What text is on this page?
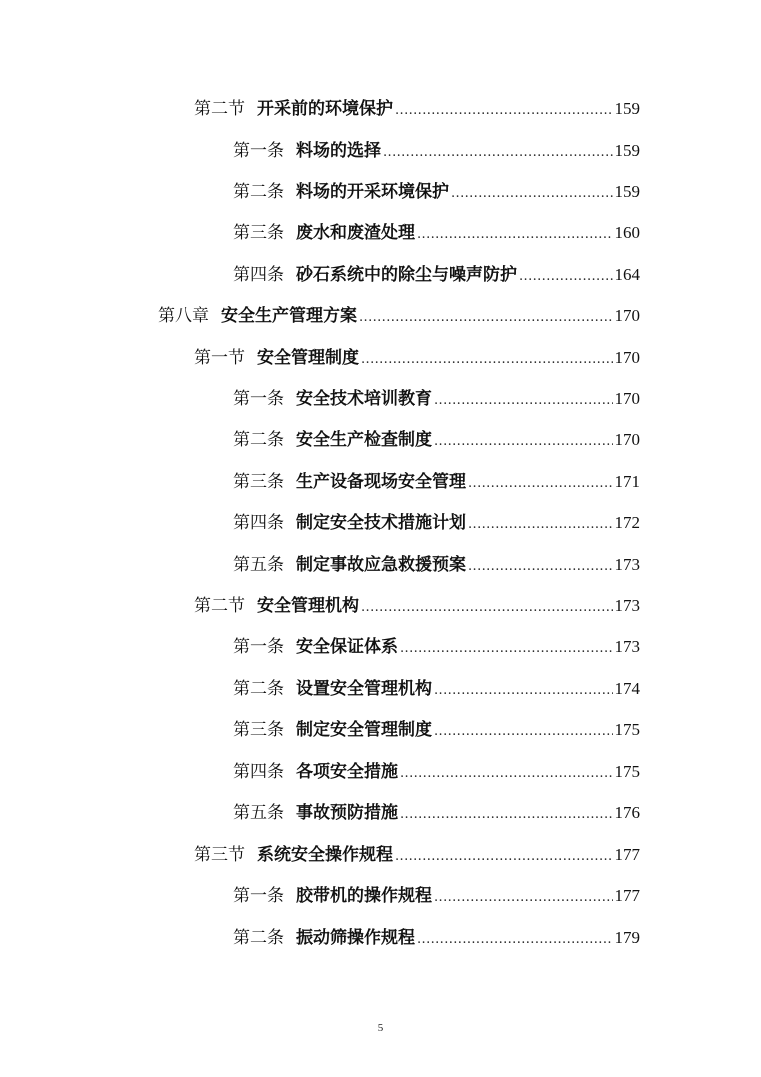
第二节 开采前的环境保护 .....	159
第一条 料场的选择 .....	159
第二条 料场的开采环境保护 .....	159
第三条 废水和废渣处理 .....	160
第四条 砂石系统中的除尘与噪声防护 .....	164
第八章 安全生产管理方案 .....	170
第一节 安全管理制度 .....	170
第一条 安全技术培训教育 .....	170
第二条 安全生产检查制度 .....	170
第三条 生产设备现场安全管理 .....	171
第四条 制定安全技术措施计划 .....	172
第五条 制定事故应急救援预案 .....	173
第二节 安全管理机构 .....	173
第一条 安全保证体系 .....	173
第二条 设置安全管理机构 .....	174
第三条 制定安全管理制度 .....	175
第四条 各项安全措施 .....	175
第五条 事故预防措施 .....	176
第三节 系统安全操作规程 .....	177
第一条 胶带机的操作规程 .....	177
第二条 振动筛操作规程 .....	179
5
